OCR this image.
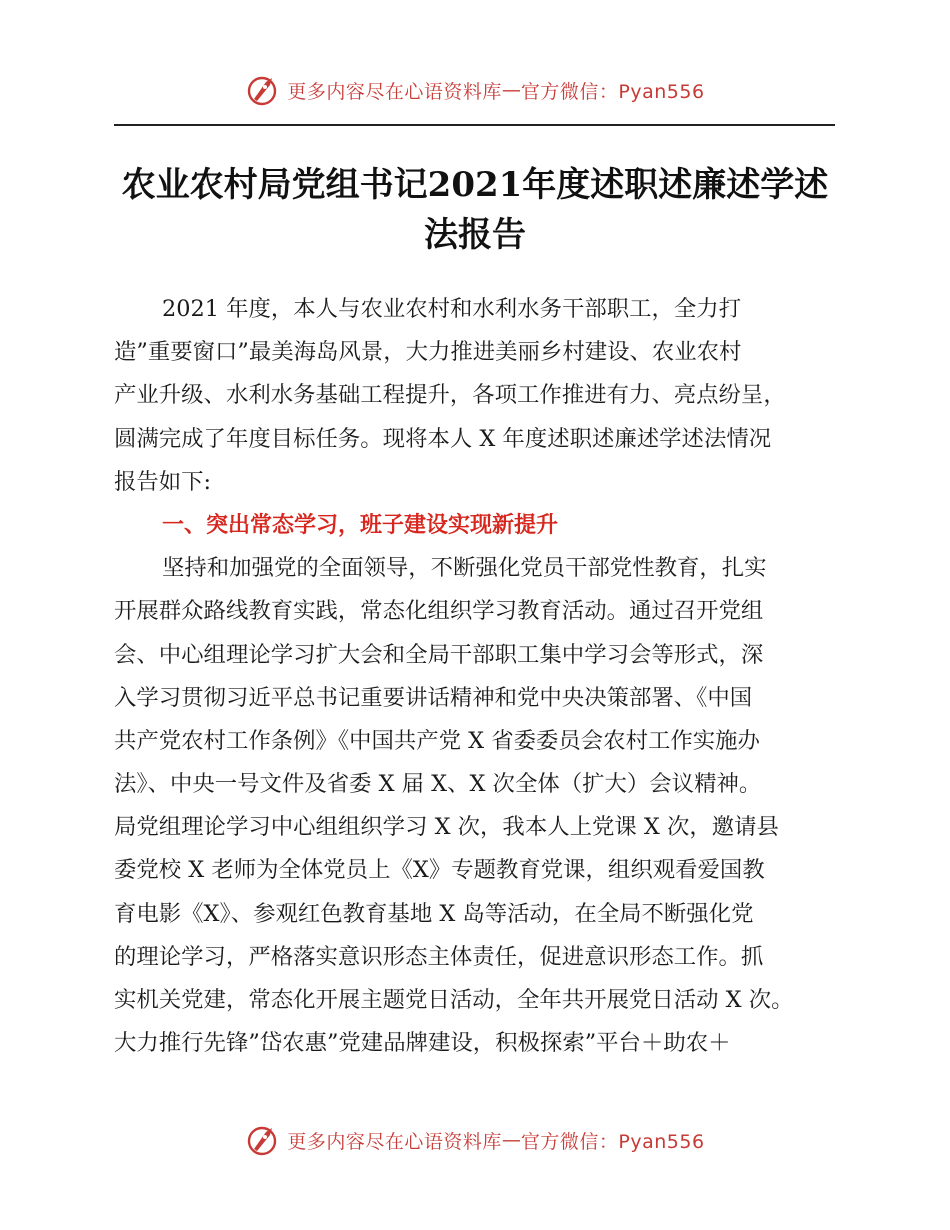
更多内容尽在心语资料库 — 官方微信：Pyan556
农业农村局党组书记2021年度述职述廉述学述
法报告
2021 年度，本人与农业农村和水利水务干部职工，全力打
造”重要窗口”最美海岛风景，大力推进美丽乡村建设、农业农村
产业升级、水利水务基础工程提升，各项工作推进有力、亮点纷呈，
圆满完成了年度目标任务。现将本人 X 年度述职述廉述学述法情况
报告如下:
一、突出常态学习，班子建设实现新提升
坚持和加强党的全面领导，不断强化党员干部党性教育，扎实
开展群众路线教育实践，常态化组织学习教育活动。通过召开党组
会、中心组理论学习扩大会和全局干部职工集中学习会等形式，深
入学习贯彻习近平总书记重要讲话精神和党中央决策部署、《中国
共产党农村工作条例》《中国共产党 X 省委委员会农村工作实施办
法》、中央一号文件及省委 X 届 X、X 次全体（扩大）会议精神。
局党组理论学习中心组组织学习 X 次，我本人上党课 X 次，邀请县
委党校 X 老师为全体党员上《X》专题教育党课，组织观看爱国教
育电影《X》、参观红色教育基地 X 岛等活动，在全局不断强化党
的理论学习，严格落实意识形态主体责任，促进意识形态工作。抓
实机关党建，常态化开展主题党日活动，全年共开展党日活动 X 次。
大力推行先锋”岱农惠”党建品牌建设，积极探索”平台＋助农＋
更多内容尽在心语资料库 — 官方微信：Pyan556
